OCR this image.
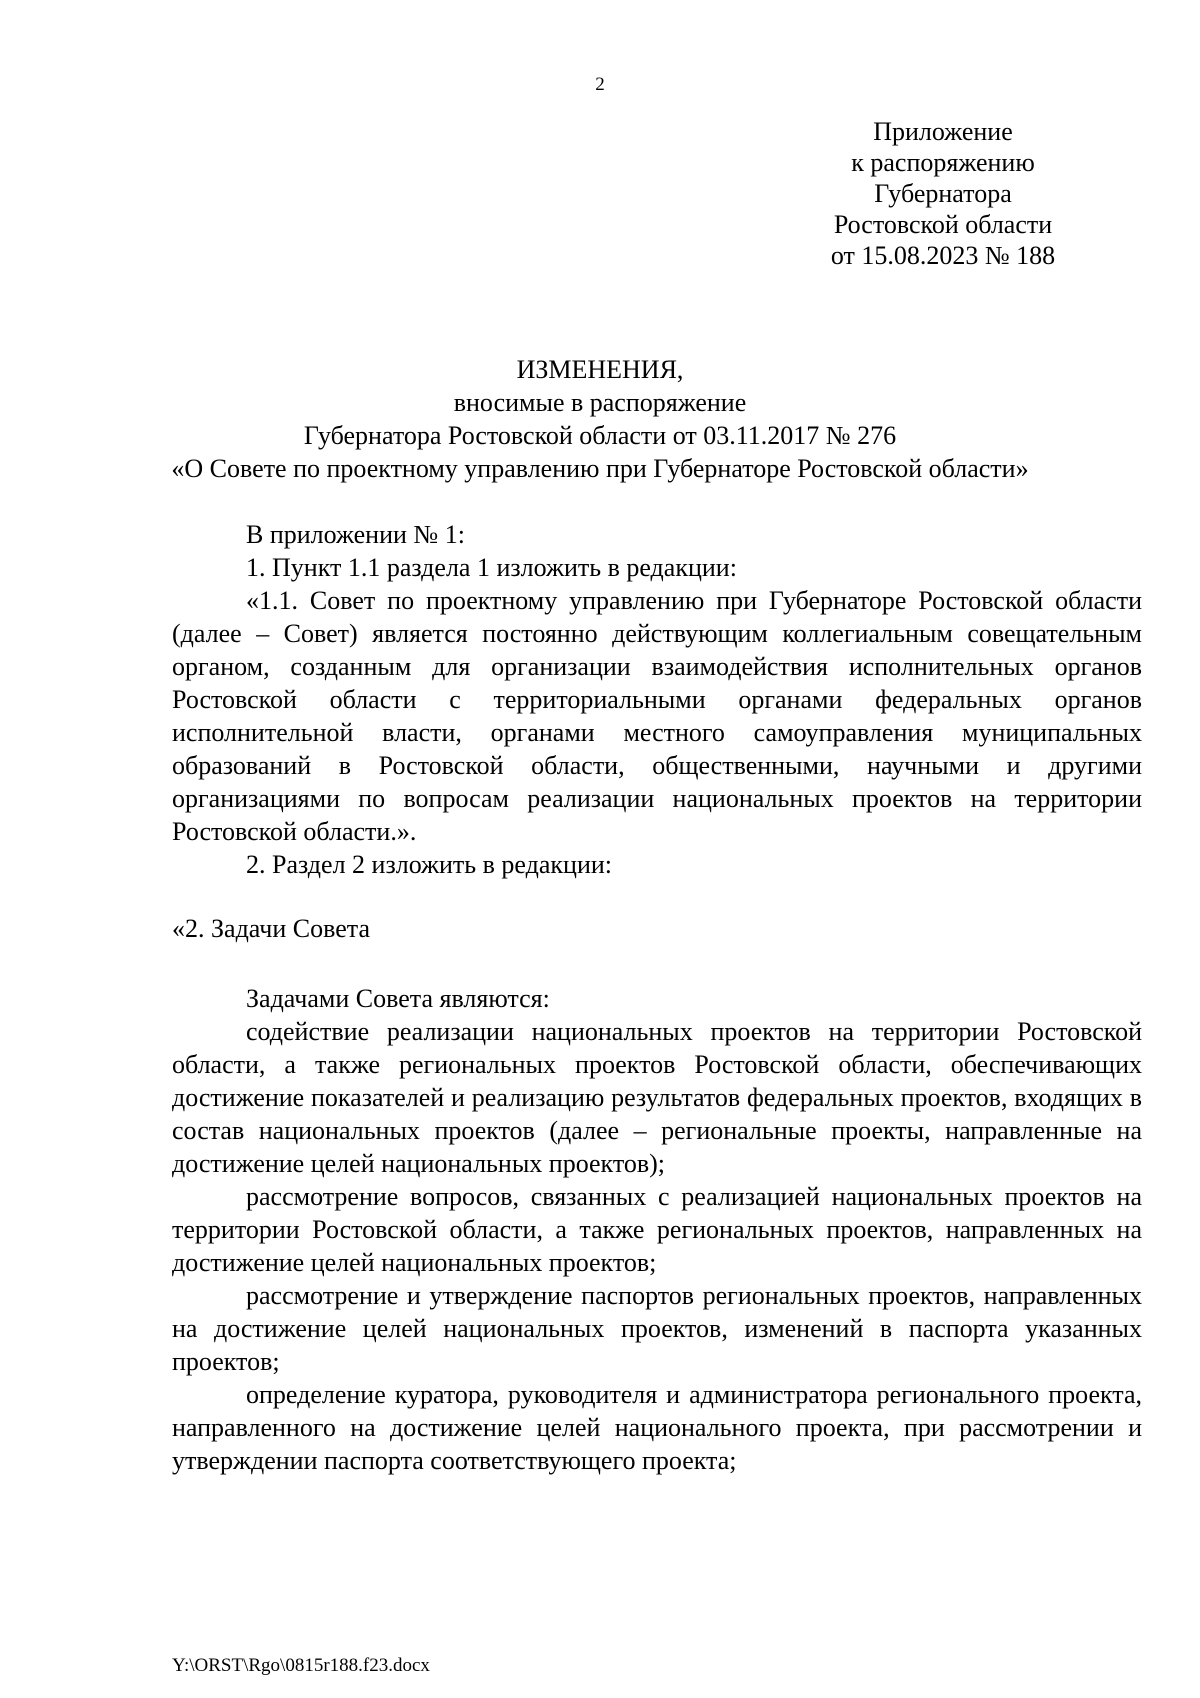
2
Приложение
к распоряжению
Губернатора
Ростовской области
от 15.08.2023 № 188
ИЗМЕНЕНИЯ,
вносимые в распоряжение
Губернатора Ростовской области от 03.11.2017 № 276
«О Совете по проектному управлению при Губернаторе Ростовской области»

В приложении № 1:

1. Пункт 1.1 раздела 1 изложить в редакции:

«1.1. Совет по проектному управлению при Губернаторе Ростовской области (далее – Совет) является постоянно действующим коллегиальным совещательным органом, созданным для организации взаимодействия исполнительных органов Ростовской области с территориальными органами федеральных органов исполнительной власти, органами местного самоуправления муниципальных образований в Ростовской области, общественными, научными и другими организациями по вопросам реализации национальных проектов на территории Ростовской области.».

2. Раздел 2 изложить в редакции:

«2. Задачи Совета

Задачами Совета являются:

содействие реализации национальных проектов на территории Ростовской области, а также региональных проектов Ростовской области, обеспечивающих достижение показателей и реализацию результатов федеральных проектов, входящих в состав национальных проектов (далее – региональные проекты, направленные на достижение целей национальных проектов);

рассмотрение вопросов, связанных с реализацией национальных проектов на территории Ростовской области, а также региональных проектов, направленных на достижение целей национальных проектов;

рассмотрение и утверждение паспортов региональных проектов, направленных на достижение целей национальных проектов, изменений в паспорта указанных проектов;

определение куратора, руководителя и администратора регионального проекта, направленного на достижение целей национального проекта, при рассмотрении и утверждении паспорта соответствующего проекта;

Y:\ORST\Rgo\0815r188.f23.docx
